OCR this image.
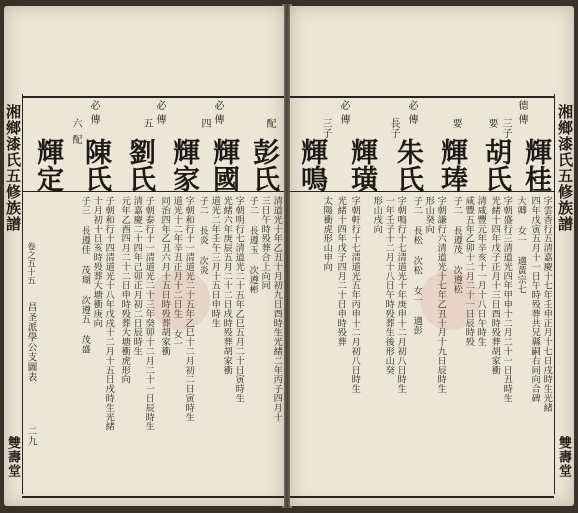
湘鄉漆氏五修族譜
卷之五十五
昌圣派學公支圖表
二九
雙壽堂
必
傳
六
配
必
傳
五
必
傳
四	配
輝定 陳氏 劉氏 輝家 輝國 彭氏
清道光十年乙丑十月初九日酉時生光緒二年丙子四月十
三日午時殁葬合上向同
子二 長遵玉 次遵彬
字朝明行七清道光二十五年乙巳五月二十日寅時生
光緒六年庚辰五月二十二日戌時殁葬胡家衝
道光二年壬午三月十五日申時生
子二 長炎 次炎
字朝和行十一清道光二十五年乙巳十二月初二日寅時生
道光十二年辛丑正月十二日生 女一
同治四年乙丑六月十五日時殁葬胡家衝
子朝泰行十一清道光二十三年癸卯十二月二十一日辰時生
清嘉慶二十四年己卯正月初二日辰時生
元年乙酉四月二十二日申時殁葬大塘衝虎形向
子朝和行十四清道光十八年戊戌十二月十五日戌時生光緒
十月初十日亥時殁葬大塘衝庚向
子三 長遵佳 茂瑚 次遵五 茂盛
湘鄉漆氏五修族譜
雙壽堂
必
傳
三子
必
傳
長子	要
德
傳
三子
要
輝鳴 輝璜 朱氏 輝琫 胡氏 輝桂
字雲香行五清嘉慶十七年壬申正月十七日戌時生光緒
四年戊寅五月十一日午時殁葬共兄縣嗣右同向合碑
大卿 女一 適黃宗七
字朝盛行三清道光四年甲申十二月二十一日丑時生
光緒十四年戊子正月十三日酉時殁葬胡家衝
清咸豐元年辛亥十一月十八日午時生
咸豐五年乙卯十二月二十一日辰時殁
子二 長遵茂 次遵松
字朝謙行六清道光十七年乙丑十月十九日辰時生
形山癸向
子二 長松 次松 女一 適彭
字朝鳴行十七清道光十年庚申十二月初八日時生
一年壬子十二月十八日午時殁葬生後形山癸
形山戌向
字朝軒行十七清道光五年丙申十二月初八日時生
光緒十四年戊子四月二十日申時殁葬
太陽衝虎形山申向
